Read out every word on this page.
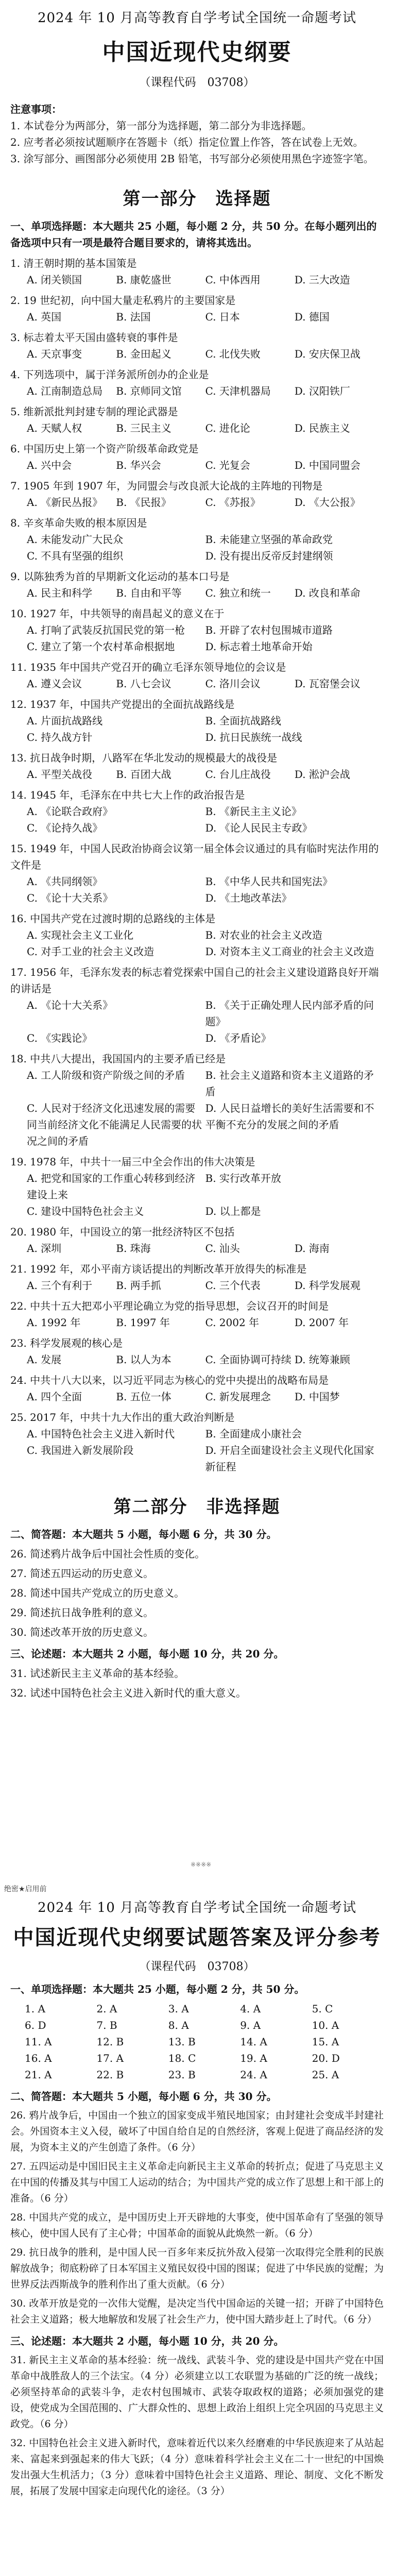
2024 年 10 月高等教育自学考试全国统一命题考试
中国近现代史纲要
（课程代码　03708）
注意事项：
1. 本试卷分为两部分，第一部分为选择题，第二部分为非选择题。
2. 应考者必须按试题顺序在答题卡（纸）指定位置上作答，答在试卷上无效。
3. 涂写部分、画图部分必须使用 2B 铅笔，书写部分必须使用黑色字迹签字笔。
第一部分　选择题
一、单项选择题：本大题共 25 小题，每小题 2 分，共 50 分。在每小题列出的备选项中只有一项是最符合题目要求的，请将其选出。
1. 清王朝时期的基本国策是
A. 闭关锁国	B. 康乾盛世	C. 中体西用	D. 三大改造
2. 19 世纪初，向中国大量走私鸦片的主要国家是
A. 英国	B. 法国	C. 日本	D. 德国
3. 标志着太平天国由盛转衰的事件是
A. 天京事变	B. 金田起义	C. 北伐失败	D. 安庆保卫战
4. 下列选项中，属于洋务派所创办的企业是
A. 江南制造总局	B. 京师同文馆	C. 天津机器局	D. 汉阳铁厂
5. 维新派批判封建专制的理论武器是
A. 天赋人权	B. 三民主义	C. 进化论	D. 民族主义
6. 中国历史上第一个资产阶级革命政党是
A. 兴中会	B. 华兴会	C. 光复会	D. 中国同盟会
7. 1905 年到 1907 年，为同盟会与改良派大论战的主阵地的刊物是
A. 《新民丛报》	B. 《民报》	C. 《苏报》	D. 《大公报》
8. 辛亥革命失败的根本原因是
A. 未能发动广大民众	B. 未能建立坚强的革命政党
C. 不具有坚强的组织	D. 没有提出反帝反封建纲领
9. 以陈独秀为首的早期新文化运动的基本口号是
A. 民主和科学	B. 自由和平等	C. 独立和统一	D. 改良和革命
10. 1927 年，中共领导的南昌起义的意义在于
A. 打响了武装反抗国民党的第一枪	B. 开辟了农村包围城市道路
C. 建立了第一个农村革命根据地	D. 标志着土地革命开始
11. 1935 年中国共产党召开的确立毛泽东领导地位的会议是
A. 遵义会议	B. 八七会议	C. 洛川会议	D. 瓦窑堡会议
12. 1937 年，中国共产党提出的全面抗战路线是
A. 片面抗战路线	B. 全面抗战路线
C. 持久战方针	D. 抗日民族统一战线
13. 抗日战争时期，八路军在华北发动的规模最大的战役是
A. 平型关战役	B. 百团大战	C. 台儿庄战役	D. 淞沪会战
14. 1945 年，毛泽东在中共七大上作的政治报告是
A. 《论联合政府》	B. 《新民主主义论》
C. 《论持久战》	D. 《论人民民主专政》
15. 1949 年，中国人民政治协商会议第一届全体会议通过的具有临时宪法作用的文件是
A. 《共同纲领》	B. 《中华人民共和国宪法》
C. 《论十大关系》	D. 《土地改革法》
16. 中国共产党在过渡时期的总路线的主体是
A. 实现社会主义工业化	B. 对农业的社会主义改造
C. 对手工业的社会主义改造	D. 对资本主义工商业的社会主义改造
17. 1956 年，毛泽东发表的标志着党探索中国自己的社会主义建设道路良好开端的讲话是
A. 《论十大关系》	B. 《关于正确处理人民内部矛盾的问题》
C. 《实践论》	D. 《矛盾论》
18. 中共八大提出，我国国内的主要矛盾已经是
A. 工人阶级和资产阶级之间的矛盾	B. 社会主义道路和资本主义道路的矛盾
C. 人民对于经济文化迅速发展的需要同当前经济文化不能满足人民需要的状况之间的矛盾
D. 人民日益增长的美好生活需要和不平衡不充分的发展之间的矛盾
19. 1978 年，中共十一届三中全会作出的伟大决策是
A. 把党和国家的工作重心转移到经济建设上来
B. 实行改革开放
C. 建设中国特色社会主义	D. 以上都是
20. 1980 年，中国设立的第一批经济特区不包括
A. 深圳	B. 珠海	C. 汕头	D. 海南
21. 1992 年，邓小平南方谈话提出的判断改革开放得失的标准是
A. 三个有利于	B. 两手抓	C. 三个代表	D. 科学发展观
22. 中共十五大把邓小平理论确立为党的指导思想，会议召开的时间是
A. 1992 年	B. 1997 年	C. 2002 年	D. 2007 年
23. 科学发展观的核心是
A. 发展	B. 以人为本	C. 全面协调可持续 D. 统筹兼顾
24. 中共十八大以来，以习近平同志为核心的党中央提出的战略布局是
A. 四个全面	B. 五位一体	C. 新发展理念	D. 中国梦
25. 2017 年，中共十九大作出的重大政治判断是
A. 中国特色社会主义进入新时代	B. 全面建成小康社会
C. 我国进入新发展阶段	D. 开启全面建设社会主义现代化国家新征程
第二部分　非选择题
二、简答题：本大题共 5 小题，每小题 6 分，共 30 分。
26. 简述鸦片战争后中国社会性质的变化。
27. 简述五四运动的历史意义。
28. 简述中国共产党成立的历史意义。
29. 简述抗日战争胜利的意义。
30. 简述改革开放的历史意义。
三、论述题：本大题共 2 小题，每小题 10 分，共 20 分。
31. 试述新民主主义革命的基本经验。
32. 试述中国特色社会主义进入新时代的重大意义。
※※※※
绝密★启用前
2024 年 10 月高等教育自学考试全国统一命题考试
中国近现代史纲要试题答案及评分参考
（课程代码　03708）
一、单项选择题：本大题共 25 小题，每小题 2 分，共 50 分。
1. A	2. A	3. A	4. A	5. C
6. D	7. B	8. A	9. A	10. A
11. A	12. B	13. B	14. A	15. A
16. A	17. A	18. C	19. A	20. D
21. A	22. B	23. B	24. A	25. A
二、简答题：本大题共 5 小题，每小题 6 分，共 30 分。
26. 鸦片战争后，中国由一个独立的国家变成半殖民地国家；由封建社会变成半封建社会。外国资本主义入侵，破坏了中国自给自足的自然经济，客观上促进了商品经济的发展，为资本主义的产生创造了条件。（6 分）
27. 五四运动是中国旧民主主义革命走向新民主主义革命的转折点；促进了马克思主义在中国的传播及其与中国工人运动的结合；为中国共产党的成立作了思想上和干部上的准备。（6 分）
28. 中国共产党的成立，是中国历史上开天辟地的大事变，使中国革命有了坚强的领导核心，使中国人民有了主心骨；中国革命的面貌从此焕然一新。（6 分）
29. 抗日战争的胜利，是中国人民一百多年来反抗外敌入侵第一次取得完全胜利的民族解放战争；彻底粉碎了日本军国主义殖民奴役中国的图谋；促进了中华民族的觉醒；为世界反法西斯战争的胜利作出了重大贡献。（6 分）
30. 改革开放是党的一次伟大觉醒，是决定当代中国命运的关键一招；开辟了中国特色社会主义道路；极大地解放和发展了社会生产力，使中国大踏步赶上了时代。（6 分）
三、论述题：本大题共 2 小题，每小题 10 分，共 20 分。
31. 新民主主义革命的基本经验：统一战线、武装斗争、党的建设是中国共产党在中国革命中战胜敌人的三个法宝。（4 分）必须建立以工农联盟为基础的广泛的统一战线；必须坚持革命的武装斗争，走农村包围城市、武装夺取政权的道路；必须加强党的建设，使党成为全国范围的、广大群众性的、思想上政治上组织上完全巩固的马克思主义政党。（6 分）
32. 中国特色社会主义进入新时代，意味着近代以来久经磨难的中华民族迎来了从站起来、富起来到强起来的伟大飞跃；（4 分）意味着科学社会主义在二十一世纪的中国焕发出强大生机活力；（3 分）意味着中国特色社会主义道路、理论、制度、文化不断发展，拓展了发展中国家走向现代化的途径。（3 分）
